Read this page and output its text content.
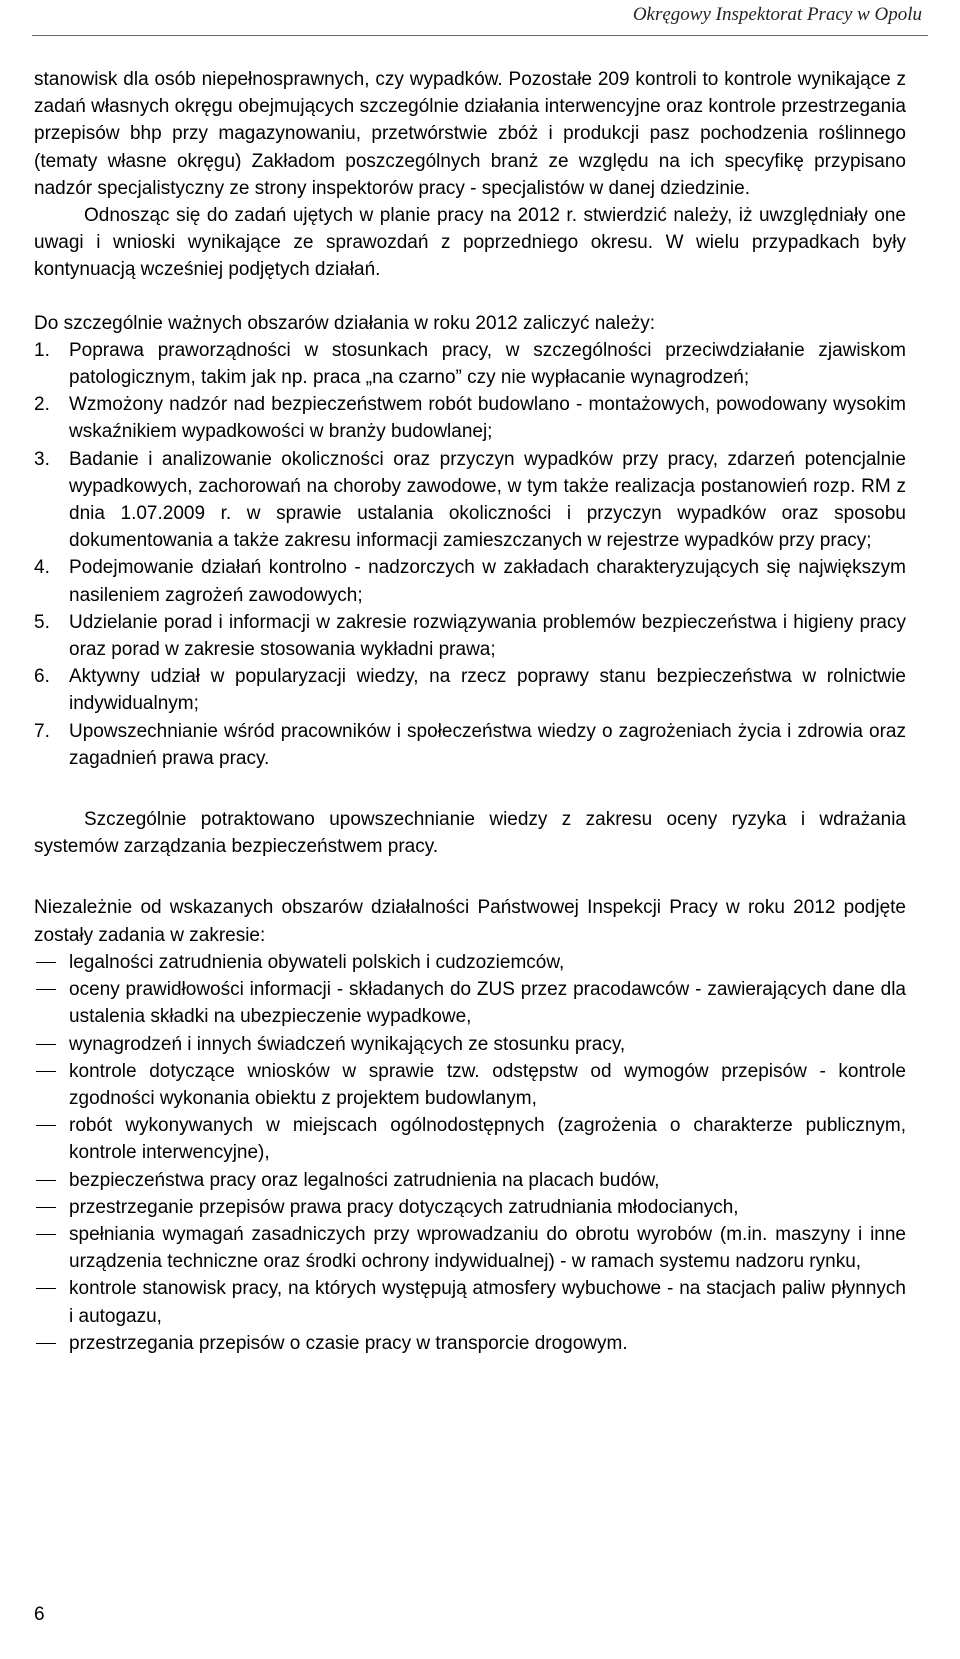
Okręgowy Inspektorat Pracy w Opolu

stanowisk dla osób niepełnosprawnych, czy wypadków. Pozostałe 209 kontroli to kontrole wynikające z zadań własnych okręgu obejmujących szczególnie działania interwencyjne oraz kontrole przestrzegania przepisów bhp przy magazynowaniu, przetwórstwie zbóż i produkcji pasz pochodzenia roślinnego (tematy własne okręgu) Zakładom poszczególnych branż ze względu na ich specyfikę przypisano nadzór specjalistyczny ze strony inspektorów pracy - specjalistów w danej dziedzinie.

Odnosząc się do zadań ujętych w planie pracy na 2012 r. stwierdzić należy, iż uwzględniały one uwagi i wnioski wynikające ze sprawozdań z poprzedniego okresu. W wielu przypadkach były kontynuacją wcześniej podjętych działań.

Do szczególnie ważnych obszarów działania w roku 2012 zaliczyć należy:

1. Poprawa praworządności w stosunkach pracy, w szczególności przeciwdziałanie zjawiskom patologicznym, takim jak np. praca „na czarno” czy nie wypłacanie wynagrodzeń;
2. Wzmożony nadzór nad bezpieczeństwem robót budowlano - montażowych, powodowany wysokim wskaźnikiem wypadkowości w branży budowlanej;
3. Badanie i analizowanie okoliczności oraz przyczyn wypadków przy pracy, zdarzeń potencjalnie wypadkowych, zachorowań na choroby zawodowe, w tym także realizacja postanowień rozp. RM z dnia 1.07.2009 r. w sprawie ustalania okoliczności i przyczyn wypadków oraz sposobu dokumentowania a także zakresu informacji zamieszczanych w rejestrze wypadków przy pracy;
4. Podejmowanie działań kontrolno - nadzorczych w zakładach charakteryzujących się największym nasileniem zagrożeń zawodowych;
5. Udzielanie porad i informacji w zakresie rozwiązywania problemów bezpieczeństwa i higieny pracy oraz porad w zakresie stosowania wykładni prawa;
6. Aktywny udział w popularyzacji wiedzy, na rzecz poprawy stanu bezpieczeństwa w rolnictwie indywidualnym;
7. Upowszechnianie wśród pracowników i społeczeństwa wiedzy o zagrożeniach życia i zdrowia oraz zagadnień prawa pracy.

Szczególnie potraktowano upowszechnianie wiedzy z zakresu oceny ryzyka i wdrażania systemów zarządzania bezpieczeństwem pracy.

Niezależnie od wskazanych obszarów działalności Państwowej Inspekcji Pracy w roku 2012 podjęte zostały zadania w zakresie:

legalności zatrudnienia obywateli polskich i cudzoziemców,
oceny prawidłowości informacji - składanych do ZUS przez pracodawców - zawierających dane dla ustalenia składki na ubezpieczenie wypadkowe,
wynagrodzeń i innych świadczeń wynikających ze stosunku pracy,
kontrole dotyczące wniosków w sprawie tzw. odstępstw od wymogów przepisów - kontrole zgodności wykonania obiektu z projektem budowlanym,
robót wykonywanych w miejscach ogólnodostępnych (zagrożenia o charakterze publicznym, kontrole interwencyjne),
bezpieczeństwa pracy oraz legalności zatrudnienia na placach budów,
przestrzeganie przepisów prawa pracy dotyczących zatrudniania młodocianych,
spełniania wymagań zasadniczych przy wprowadzaniu do obrotu wyrobów (m.in. maszyny i inne urządzenia techniczne oraz środki ochrony indywidualnej) - w ramach systemu nadzoru rynku,
kontrole stanowisk pracy, na których występują atmosfery wybuchowe - na stacjach paliw płynnych i autogazu,
przestrzegania przepisów o czasie pracy w transporcie drogowym.
6
